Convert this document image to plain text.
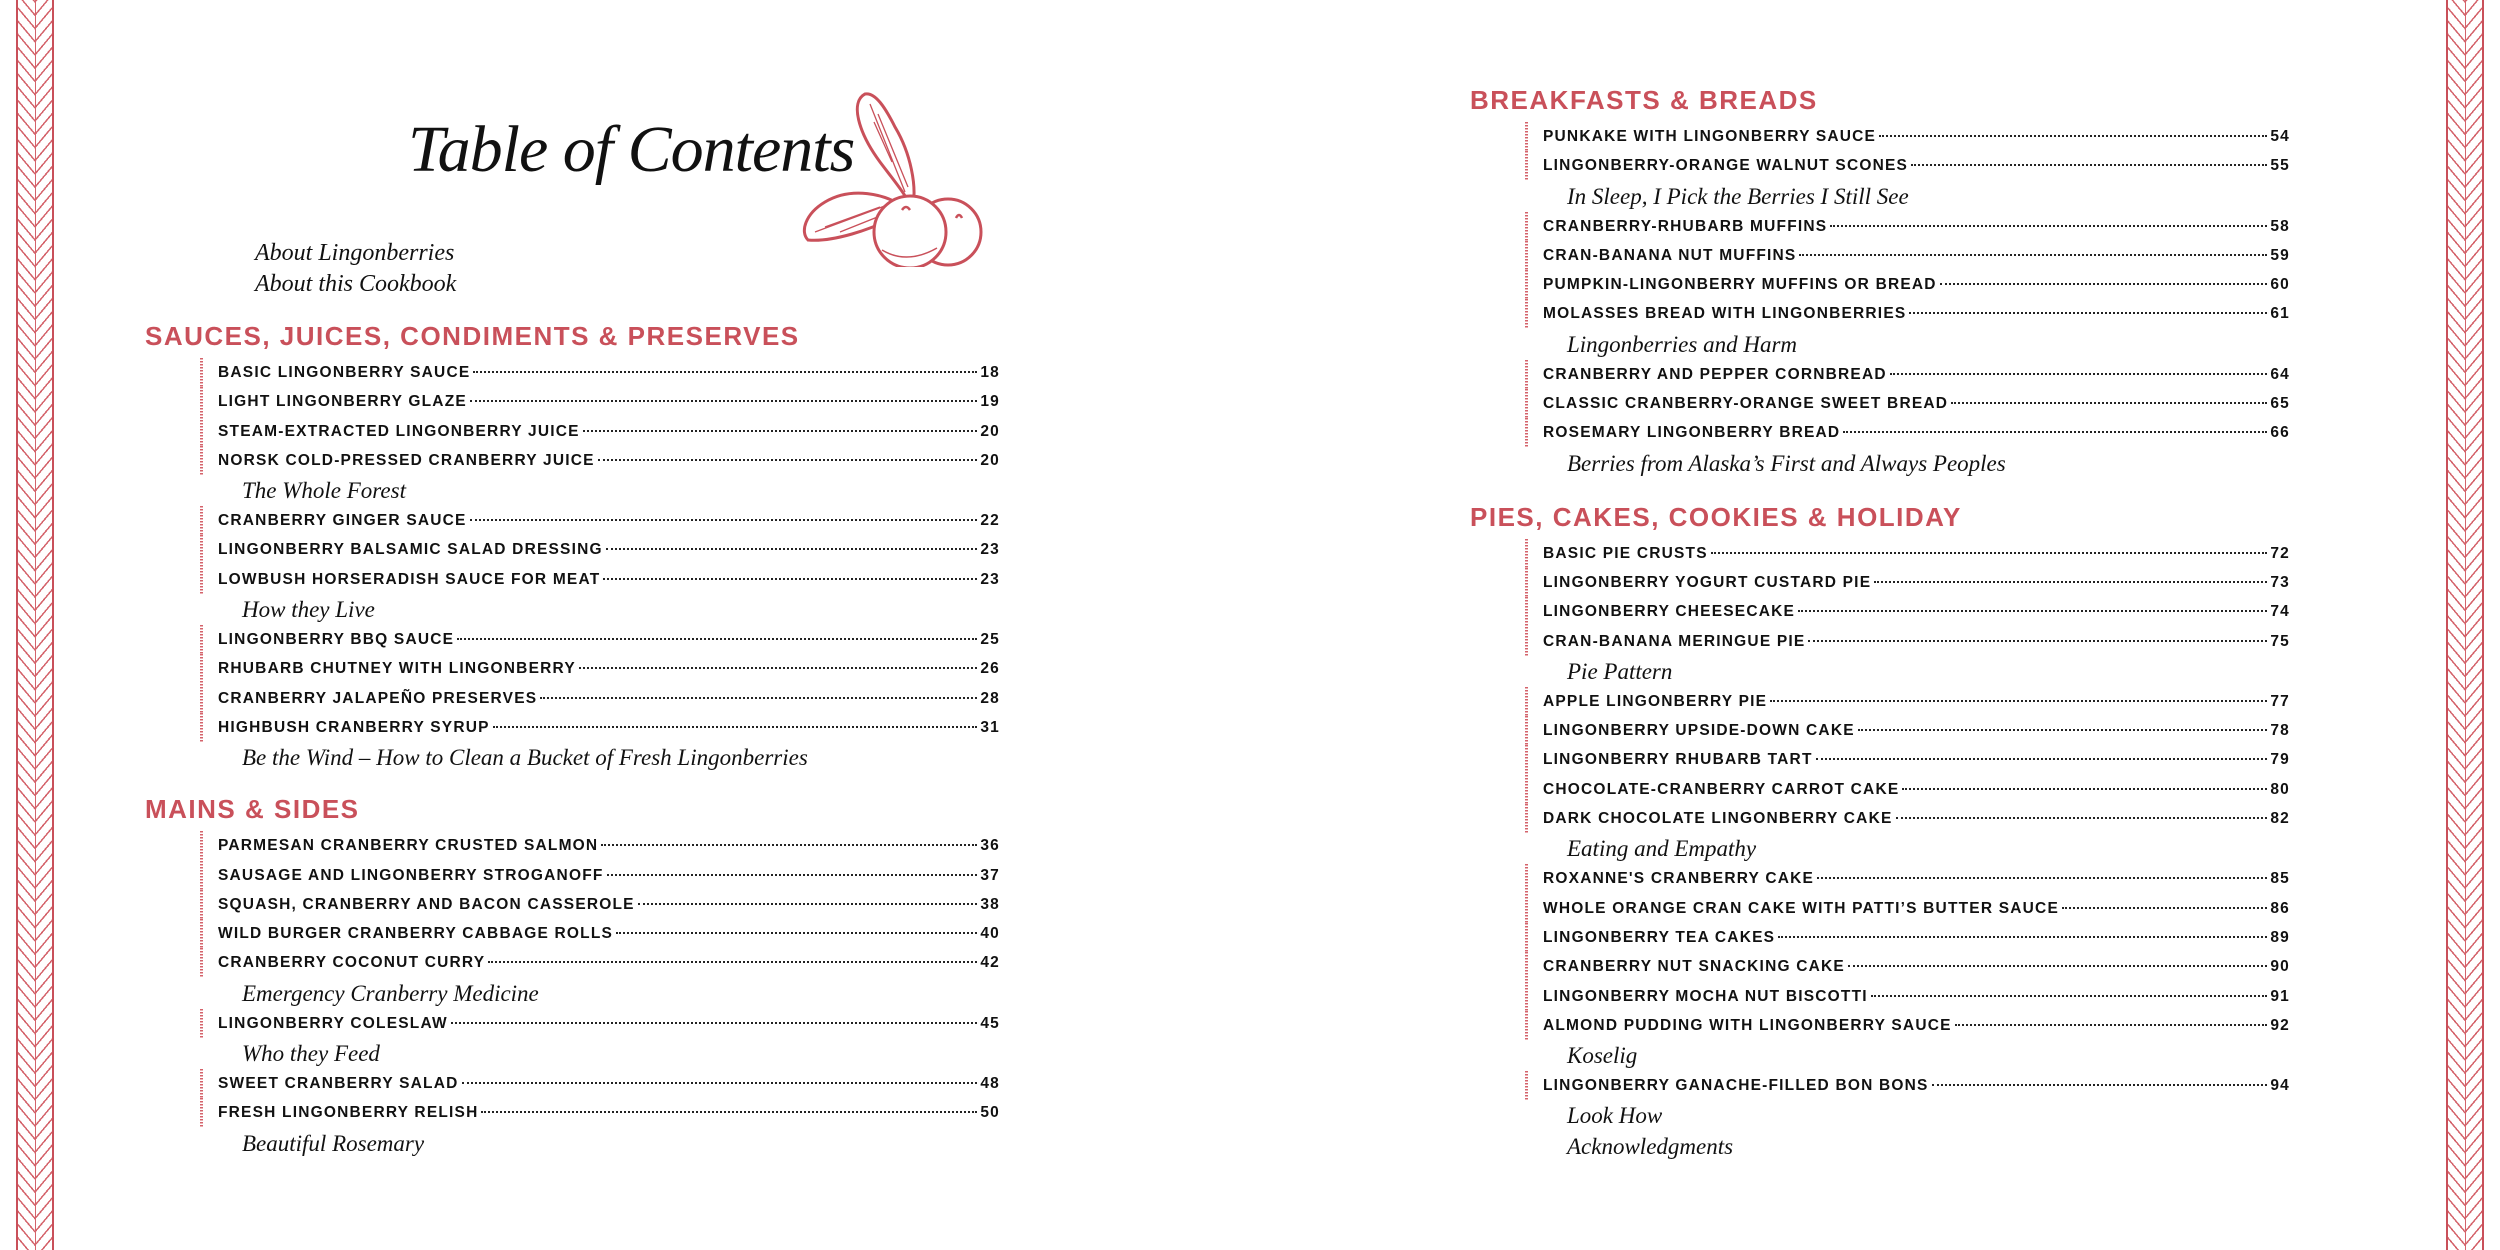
Table of Contents
About Lingonberries
About this Cookbook
SAUCES, JUICES, CONDIMENTS & PRESERVES
BASIC LINGONBERRY SAUCE	18
LIGHT LINGONBERRY GLAZE	19
STEAM-EXTRACTED LINGONBERRY JUICE	20
NORSK COLD-PRESSED CRANBERRY JUICE	20
The Whole Forest
CRANBERRY GINGER SAUCE	22
LINGONBERRY BALSAMIC SALAD DRESSING	23
LOWBUSH HORSERADISH SAUCE FOR MEAT	23
How they Live
LINGONBERRY BBQ SAUCE	25
RHUBARB CHUTNEY WITH LINGONBERRY	26
CRANBERRY JALAPEÑO PRESERVES	28
HIGHBUSH CRANBERRY SYRUP	31
Be the Wind – How to Clean a Bucket of Fresh Lingonberries
MAINS & SIDES
PARMESAN CRANBERRY CRUSTED SALMON	36
SAUSAGE AND LINGONBERRY STROGANOFF	37
SQUASH, CRANBERRY AND BACON CASSEROLE	38
WILD BURGER CRANBERRY CABBAGE ROLLS	40
CRANBERRY COCONUT CURRY	42
Emergency Cranberry Medicine
LINGONBERRY COLESLAW	45
Who they Feed
SWEET CRANBERRY SALAD	48
FRESH LINGONBERRY RELISH	50
Beautiful Rosemary
BREAKFASTS & BREADS
PUNKAKE WITH LINGONBERRY SAUCE	54
LINGONBERRY-ORANGE WALNUT SCONES	55
In Sleep, I Pick the Berries I Still See
CRANBERRY-RHUBARB MUFFINS	58
CRAN-BANANA NUT MUFFINS	59
PUMPKIN-LINGONBERRY MUFFINS OR BREAD	60
MOLASSES BREAD WITH LINGONBERRIES	61
Lingonberries and Harm
CRANBERRY AND PEPPER CORNBREAD	64
CLASSIC CRANBERRY-ORANGE SWEET BREAD	65
ROSEMARY LINGONBERRY BREAD	66
Berries from Alaska’s First and Always Peoples
PIES, CAKES, COOKIES & HOLIDAY
BASIC PIE CRUSTS	72
LINGONBERRY YOGURT CUSTARD PIE	73
LINGONBERRY CHEESECAKE	74
CRAN-BANANA MERINGUE PIE	75
Pie Pattern
APPLE LINGONBERRY PIE	77
LINGONBERRY UPSIDE-DOWN CAKE	78
LINGONBERRY RHUBARB TART	79
CHOCOLATE-CRANBERRY CARROT CAKE	80
DARK CHOCOLATE LINGONBERRY CAKE	82
Eating and Empathy
ROXANNE'S CRANBERRY CAKE	85
WHOLE ORANGE CRAN CAKE WITH PATTI’S BUTTER SAUCE	86
LINGONBERRY TEA CAKES	89
CRANBERRY NUT SNACKING CAKE	90
LINGONBERRY MOCHA NUT BISCOTTI	91
ALMOND PUDDING WITH LINGONBERRY SAUCE	92
Koselig
LINGONBERRY GANACHE-FILLED BON BONS	94
Look How
Acknowledgments
